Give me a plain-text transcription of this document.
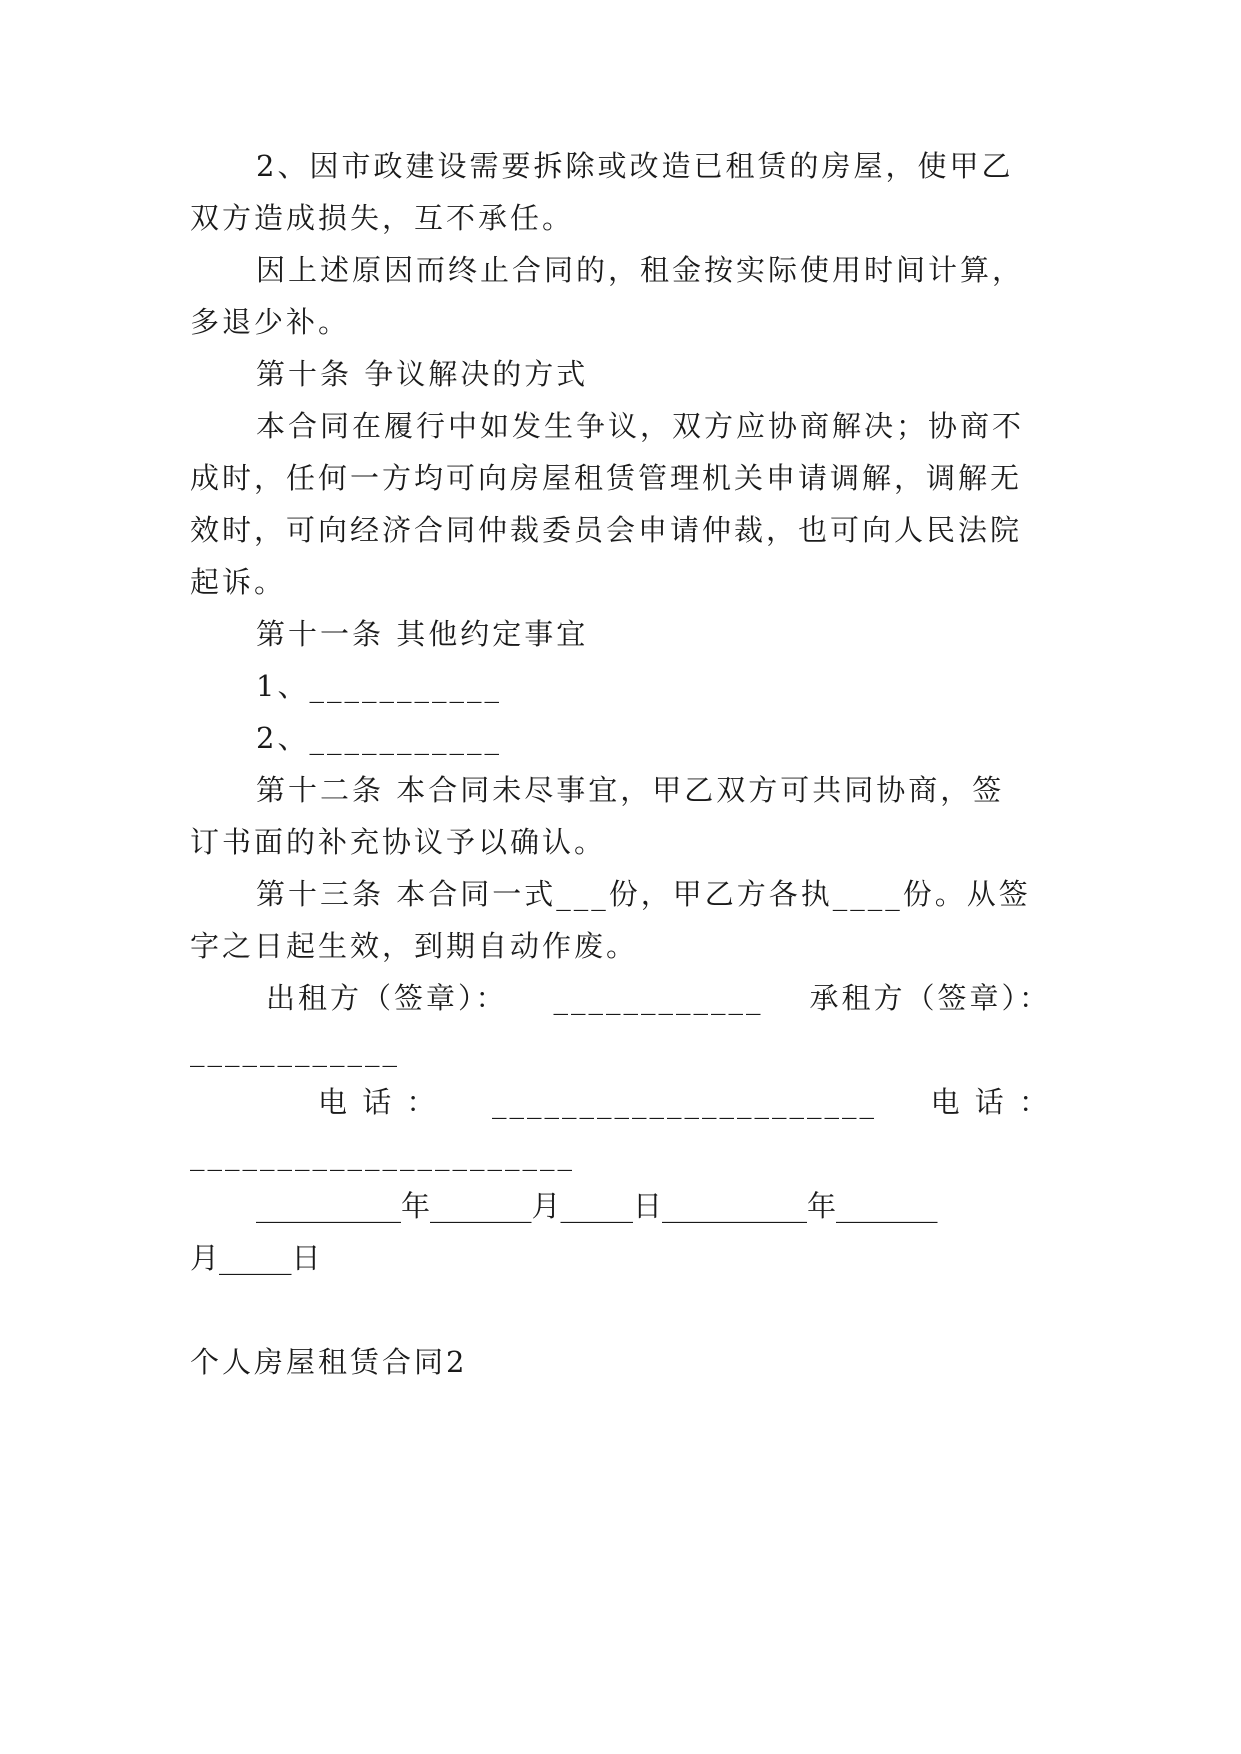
2、因市政建设需要拆除或改造已租赁的房屋，使甲乙
双方造成损失，互不承任。
因上述原因而终止合同的，租金按实际使用时间计算，
多退少补。
第十条 争议解决的方式
本合同在履行中如发生争议，双方应协商解决；协商不
成时，任何一方均可向房屋租赁管理机关申请调解，调解无
效时，可向经济合同仲裁委员会申请仲裁，也可向人民法院
起诉。
第十一条 其他约定事宜
1、___________
2、___________
第十二条 本合同未尽事宜，甲乙双方可共同协商，签
订书面的补充协议予以确认。
第十三条 本合同一式___份，甲乙方各执____份。从签
字之日起生效，到期自动作废。
出租方（签章）： ____________ 承租方（签章）：
____________
电 话 ： ______________________ 电 话 ：
______________________
__________年_______月_____日__________年_______
月_____日
个人房屋租赁合同2
